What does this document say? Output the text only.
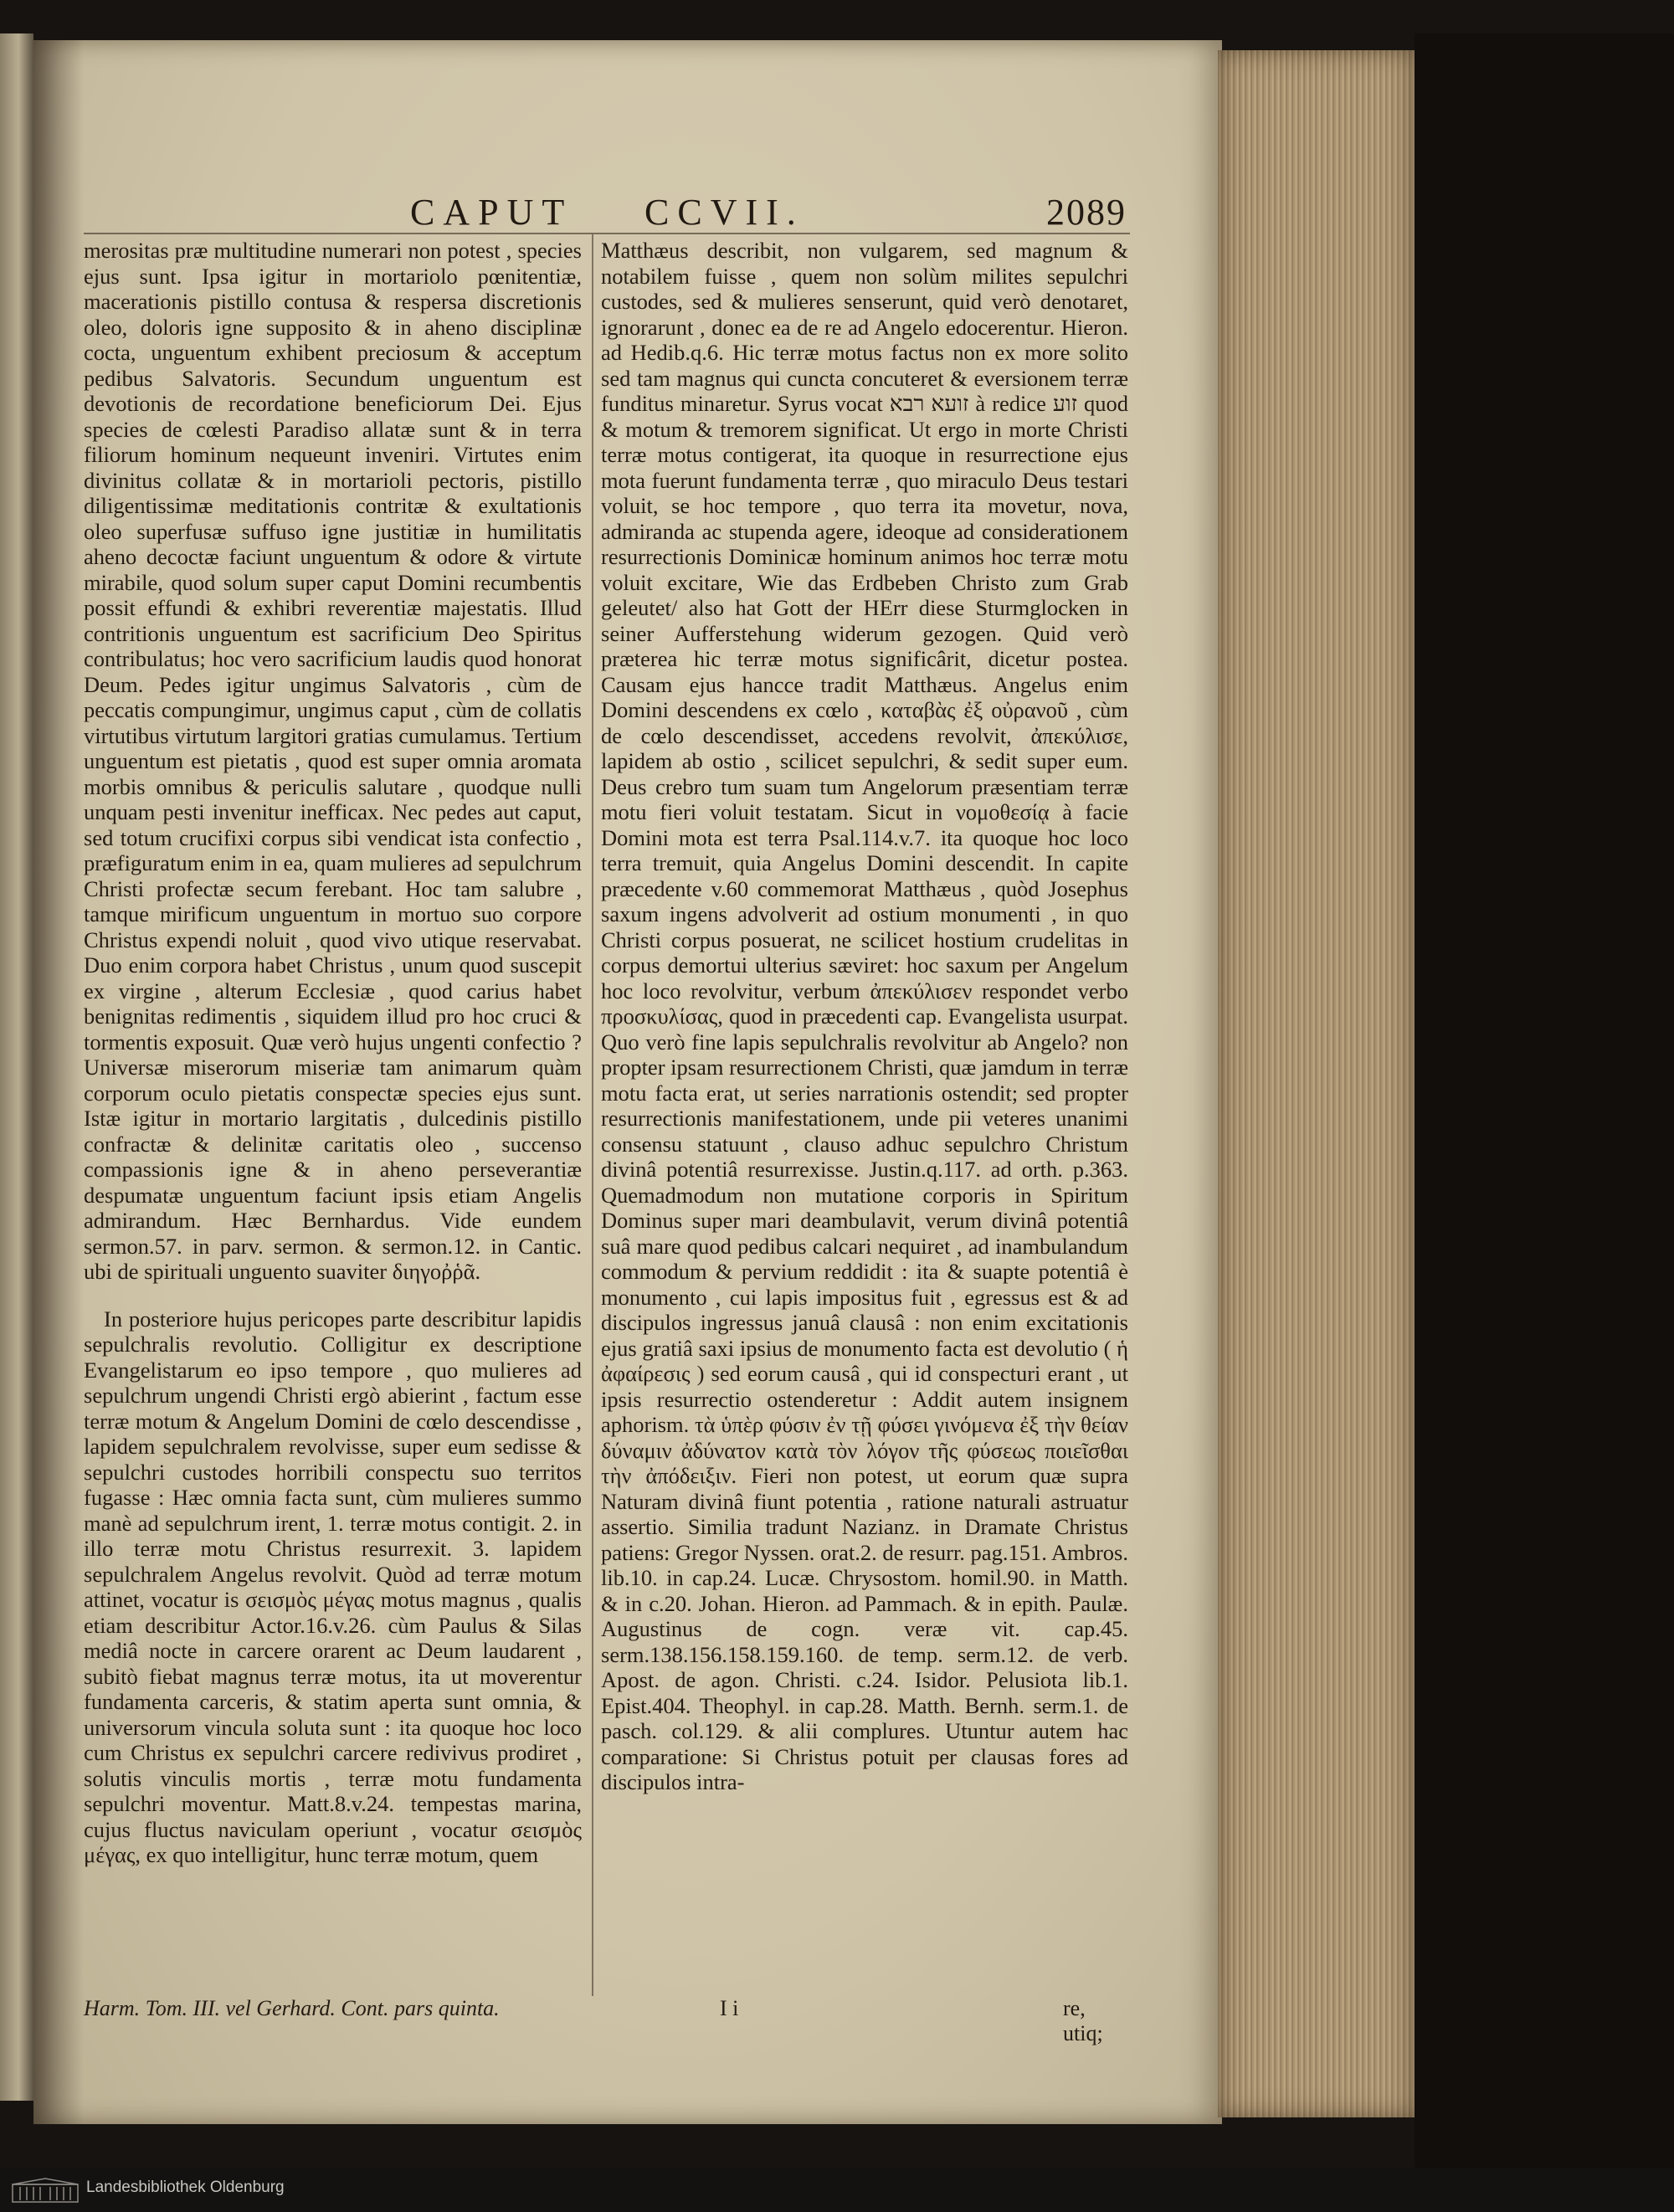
CAPUT CCVII.	2089

merositas præ multitudine numerari non potest , species ejus sunt. Ipsa igitur in mortariolo pœnitentiæ, macerationis pistillo contusa & respersa discretionis oleo, doloris igne supposito & in aheno disciplinæ cocta, unguentum exhibent preciosum & acceptum pedibus Salvatoris. Secundum unguentum est devotionis de recordatione beneficiorum Dei. Ejus species de cœlesti Paradiso allatæ sunt & in terra filiorum hominum nequeunt inveniri. Virtutes enim divinitus collatæ & in mortarioli pectoris, pistillo diligentissimæ meditationis contritæ & exultationis oleo superfusæ suffuso igne justitiæ in humilitatis aheno decoctæ faciunt unguentum & odore & virtute mirabile, quod solum super caput Domini recumbentis possit effundi & exhibri reverentiæ majestatis. Illud contritionis unguentum est sacrificium Deo Spiritus contribulatus; hoc vero sacrificium laudis quod honorat Deum. Pedes igitur ungimus Salvatoris , cùm de peccatis compungimur, ungimus caput , cùm de collatis virtutibus virtutum largitori gratias cumulamus. Tertium unguentum est pietatis , quod est super omnia aromata morbis omnibus & periculis salutare , quodque nulli unquam pesti invenitur inefficax. Nec pedes aut caput, sed totum crucifixi corpus sibi vendicat ista confectio , præfiguratum enim in ea, quam mulieres ad sepulchrum Christi profectæ secum ferebant. Hoc tam salubre , tamque mirificum unguentum in mortuo suo corpore Christus expendi noluit , quod vivo utique reservabat. Duo enim corpora habet Christus , unum quod suscepit ex virgine , alterum Ecclesiæ , quod carius habet benignitas redimentis , siquidem illud pro hoc cruci & tormentis exposuit. Quæ verò hujus ungenti confectio ? Universæ miserorum miseriæ tam animarum quàm corporum oculo pietatis conspectæ species ejus sunt. Istæ igitur in mortario largitatis , dulcedinis pistillo confractæ & delinitæ caritatis oleo , succenso compassionis igne & in aheno perseverantiæ despumatæ unguentum faciunt ipsis etiam Angelis admirandum. Hæc Bernhardus. Vide eundem sermon.57. in parv. sermon. & sermon.12. in Cantic. ubi de spirituali unguento suaviter διηγοῤῥᾶ.

In posteriore hujus pericopes parte describitur lapidis sepulchralis revolutio. Colligitur ex descriptione Evangelistarum eo ipso tempore , quo mulieres ad sepulchrum ungendi Christi ergò abierint , factum esse terræ motum & Angelum Domini de cœlo descendisse , lapidem sepulchralem revolvisse, super eum sedisse & sepulchri custodes horribili conspectu suo territos fugasse : Hæc omnia facta sunt, cùm mulieres summo manè ad sepulchrum irent, 1. terræ motus contigit. 2. in illo terræ motu Christus resurrexit. 3. lapidem sepulchralem Angelus revolvit. Quòd ad terræ motum attinet, vocatur is σεισμὸς μέγας motus magnus , qualis etiam describitur Actor.16.v.26. cùm Paulus & Silas mediâ nocte in carcere orarent ac Deum laudarent , subitò fiebat magnus terræ motus, ita ut moverentur fundamenta carceris, & statim aperta sunt omnia, & universorum vincula soluta sunt : ita quoque hoc loco cum Christus ex sepulchri carcere redivivus prodiret , solutis vinculis mortis , terræ motu fundamenta sepulchri moventur. Matt.8.v.24. tempestas marina, cujus fluctus naviculam operiunt , vocatur σεισμὸς μέγας, ex quo intelligitur, hunc terræ motum, quem

Matthæus describit, non vulgarem, sed magnum & notabilem fuisse , quem non solùm milites sepulchri custodes, sed & mulieres senserunt, quid verò denotaret, ignorarunt , donec ea de re ad Angelo edocerentur. Hieron. ad Hedib.q.6. Hic terræ motus factus non ex more solito sed tam magnus qui cuncta concuteret & eversionem terræ funditus minaretur. Syrus vocat זועא רבא à redice זוע quod & motum & tremorem significat. Ut ergo in morte Christi terræ motus contigerat, ita quoque in resurrectione ejus mota fuerunt fundamenta terræ , quo miraculo Deus testari voluit, se hoc tempore , quo terra ita movetur, nova, admiranda ac stupenda agere, ideoque ad considerationem resurrectionis Dominicæ hominum animos hoc terræ motu voluit excitare, Wie das Erdbeben Christo zum Grab geleutet/ also hat Gott der HErr diese Sturmglocken in seiner Aufferstehung widerum gezogen. Quid verò præterea hic terræ motus significârit, dicetur postea. Causam ejus hancce tradit Matthæus. Angelus enim Domini descendens ex cœlo , καταβὰς ἐξ οὐρανοῦ , cùm de cœlo descendisset, accedens revolvit, ἀπεκύλισε, lapidem ab ostio , scilicet sepulchri, & sedit super eum. Deus crebro tum suam tum Angelorum præsentiam terræ motu fieri voluit testatam. Sicut in νομοθεσίᾳ à facie Domini mota est terra Psal.114.v.7. ita quoque hoc loco terra tremuit, quia Angelus Domini descendit. In capite præcedente v.60 commemorat Matthæus , quòd Josephus saxum ingens advolverit ad ostium monumenti , in quo Christi corpus posuerat, ne scilicet hostium crudelitas in corpus demortui ulterius sæviret: hoc saxum per Angelum hoc loco revolvitur, verbum ἀπεκύλισεν respondet verbo προσκυλίσας, quod in præcedenti cap. Evangelista usurpat. Quo verò fine lapis sepulchralis revolvitur ab Angelo? non propter ipsam resurrectionem Christi, quæ jamdum in terræ motu facta erat, ut series narrationis ostendit; sed propter resurrectionis manifestationem, unde pii veteres unanimi consensu statuunt , clauso adhuc sepulchro Christum divinâ potentiâ resurrexisse. Justin.q.117. ad orth. p.363. Quemadmodum non mutatione corporis in Spiritum Dominus super mari deambulavit, verum divinâ potentiâ suâ mare quod pedibus calcari nequiret , ad inambulandum commodum & pervium reddidit : ita & suapte potentiâ è monumento , cui lapis impositus fuit , egressus est & ad discipulos ingressus januâ clausâ : non enim excitationis ejus gratiâ saxi ipsius de monumento facta est devolutio ( ἡ ἀφαίρεσις ) sed eorum causâ , qui id conspecturi erant , ut ipsis resurrectio ostenderetur : Addit autem insignem aphorism. τὰ ὑπὲρ φύσιν ἐν τῇ φύσει γινόμενα ἐξ τὴν θείαν δύναμιν ἀδύνατον κατὰ τὸν λόγον τῆς φύσεως ποιεῖσθαι τὴν ἀπόδειξιν. Fieri non potest, ut eorum quæ supra Naturam divinâ fiunt potentia , ratione naturali astruatur assertio. Similia tradunt Nazianz. in Dramate Christus patiens: Gregor Nyssen. orat.2. de resurr. pag.151. Ambros. lib.10. in cap.24. Lucæ. Chrysostom. homil.90. in Matth. & in c.20. Johan. Hieron. ad Pammach. & in epith. Paulæ. Augustinus de cogn. veræ vit. cap.45. serm.138.156.158.159.160. de temp. serm.12. de verb. Apost. de agon. Christi. c.24. Isidor. Pelusiota lib.1. Epist.404. Theophyl. in cap.28. Matth. Bernh. serm.1. de pasch. col.129. & alii complures. Utuntur autem hac comparatione: Si Christus potuit per clausas fores ad discipulos intra-

Harm. Tom. III. vel Gerhard. Cont. pars quinta.	I i	re, utiq;
Landesbibliothek Oldenburg
